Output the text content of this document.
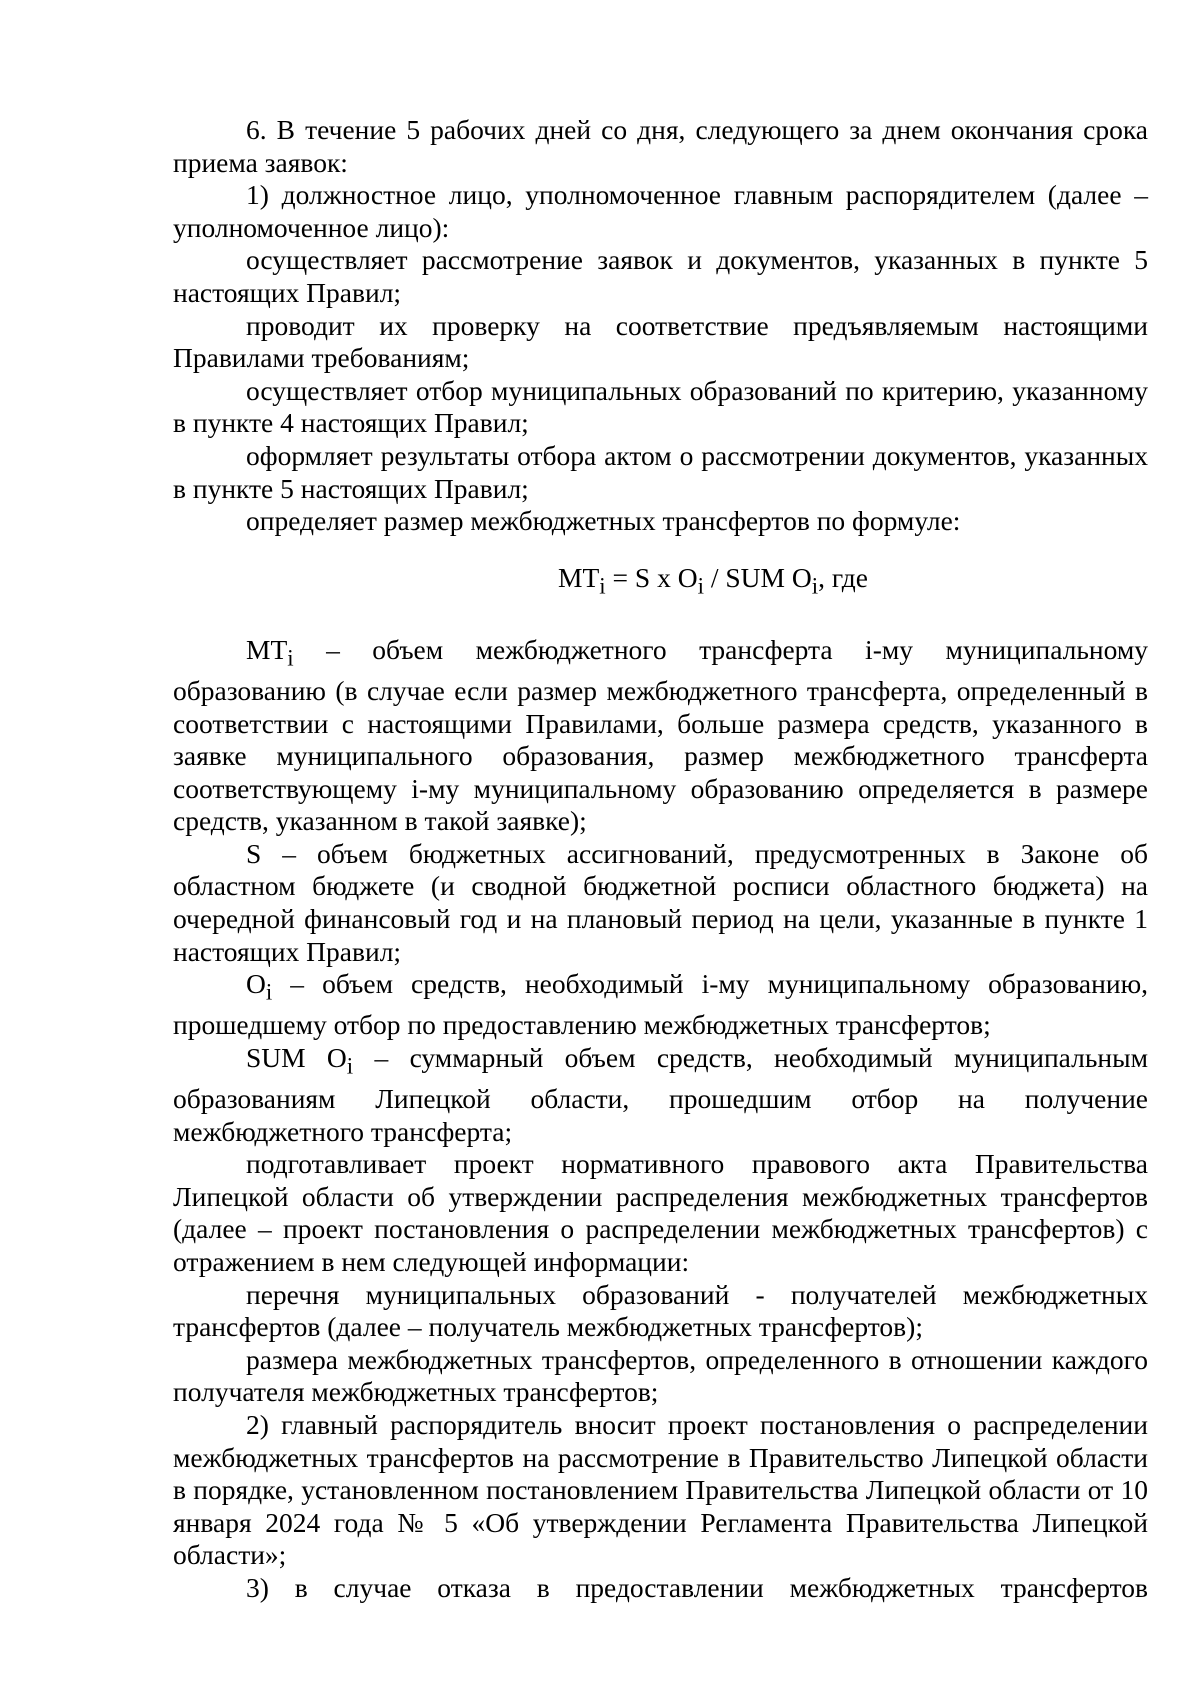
6. В течение 5 рабочих дней со дня, следующего за днем окончания срока приема заявок:

1) должностное лицо, уполномоченное главным распорядителем (далее – уполномоченное лицо):

осуществляет рассмотрение заявок и документов, указанных в пункте 5 настоящих Правил;

проводит их проверку на соответствие предъявляемым настоящими Правилами требованиям;

осуществляет отбор муниципальных образований по критерию, указанному в пункте 4 настоящих Правил;

оформляет результаты отбора актом о рассмотрении документов, указанных в пункте 5 настоящих Правил;

определяет размер межбюджетных трансфертов по формуле:

$MT_i = S$ x $O_i$ / SUM $O_i$, где

$MT_i$ – объем межбюджетного трансферта i-му муниципальному образованию (в случае если размер межбюджетного трансферта, определенный в соответствии с настоящими Правилами, больше размера средств, указанного в заявке муниципального образования, размер межбюджетного трансферта соответствующему i-му муниципальному образованию определяется в размере средств, указанном в такой заявке);

S – объем бюджетных ассигнований, предусмотренных в Законе об областном бюджете (и сводной бюджетной росписи областного бюджета) на очередной финансовый год и на плановый период на цели, указанные в пункте 1 настоящих Правил;

$O_i$ – объем средств, необходимый i-му муниципальному образованию, прошедшему отбор по предоставлению межбюджетных трансфертов;

SUM $O_i$ – суммарный объем средств, необходимый муниципальным образованиям Липецкой области, прошедшим отбор на получение межбюджетного трансферта;

подготавливает проект нормативного правового акта Правительства Липецкой области об утверждении распределения межбюджетных трансфертов (далее – проект постановления о распределении межбюджетных трансфертов) с отражением в нем следующей информации:

перечня муниципальных образований - получателей межбюджетных трансфертов (далее – получатель межбюджетных трансфертов);

размера межбюджетных трансфертов, определенного в отношении каждого получателя межбюджетных трансфертов;

2) главный распорядитель вносит проект постановления о распределении межбюджетных трансфертов на рассмотрение в Правительство Липецкой области в порядке, установленном постановлением Правительства Липецкой области от 10 января 2024 года № 5 «Об утверждении Регламента Правительства Липецкой области»;

3) в случае отказа в предоставлении межбюджетных трансфертов
